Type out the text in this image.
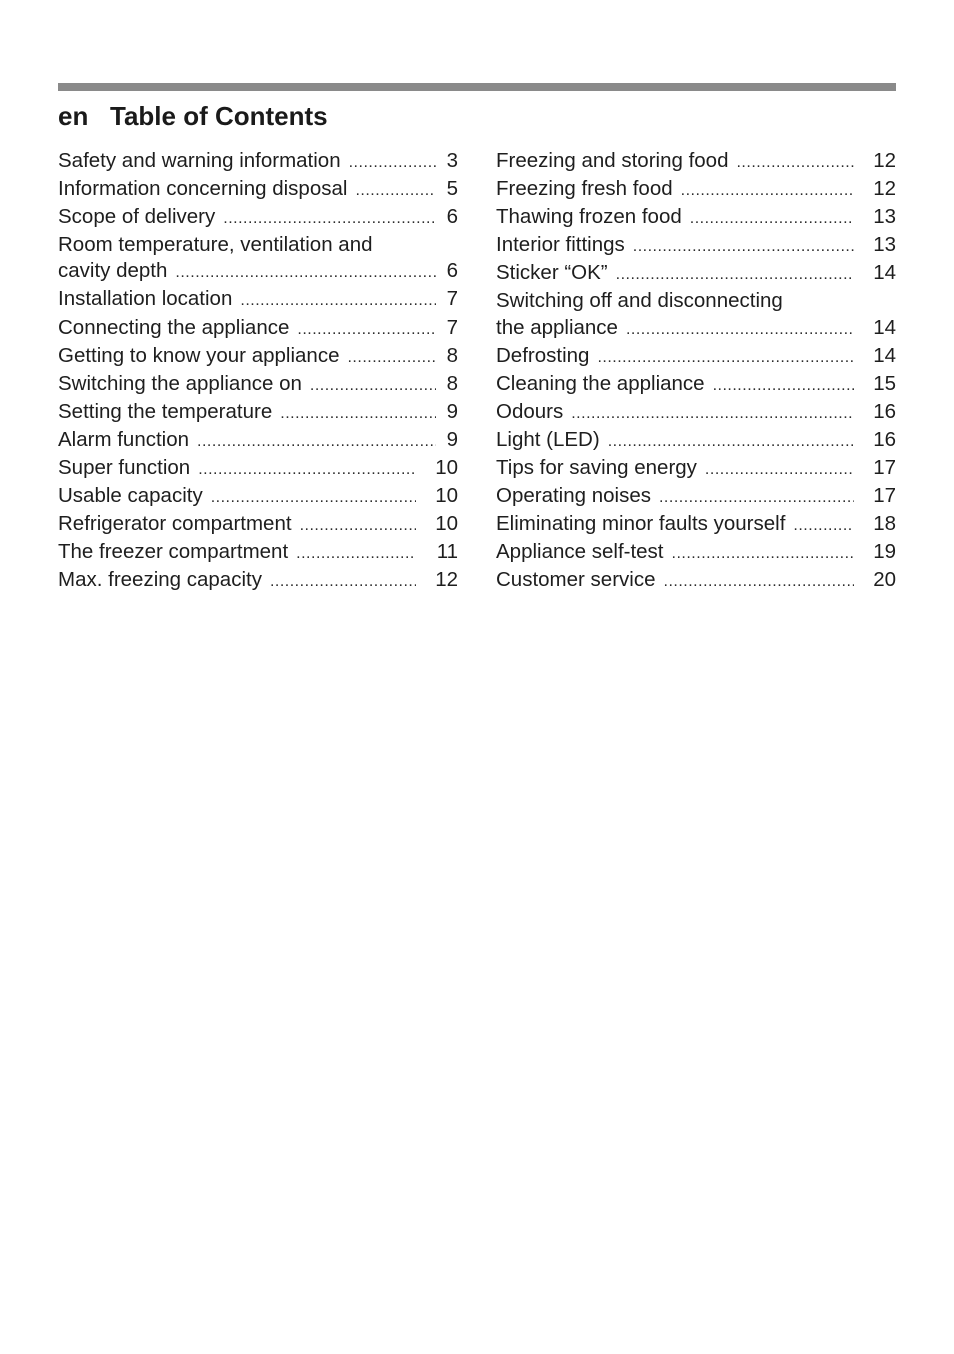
en Table of Contents
Safety and warning information .....	3
Information concerning disposal .....	5
Scope of delivery .....	6
Room temperature, ventilation and
cavity depth .....	6
Installation location .....	7
Connecting the appliance .....	7
Getting to know your appliance .....	8
Switching the appliance on .....	8
Setting the temperature .....	9
Alarm function .....	9
Super function .....	10
Usable capacity .....	10
Refrigerator compartment .....	10
The freezer compartment .....	11
Max. freezing capacity .....	12
Freezing and storing food .....	12
Freezing fresh food .....	12
Thawing frozen food .....	13
Interior fittings .....	13
Sticker “OK” .....	14
Switching off and disconnecting
the appliance .....	14
Defrosting .....	14
Cleaning the appliance .....	15
Odours .....	16
Light (LED) .....	16
Tips for saving energy .....	17
Operating noises .....	17
Eliminating minor faults yourself .....	18
Appliance self-test .....	19
Customer service .....	20
